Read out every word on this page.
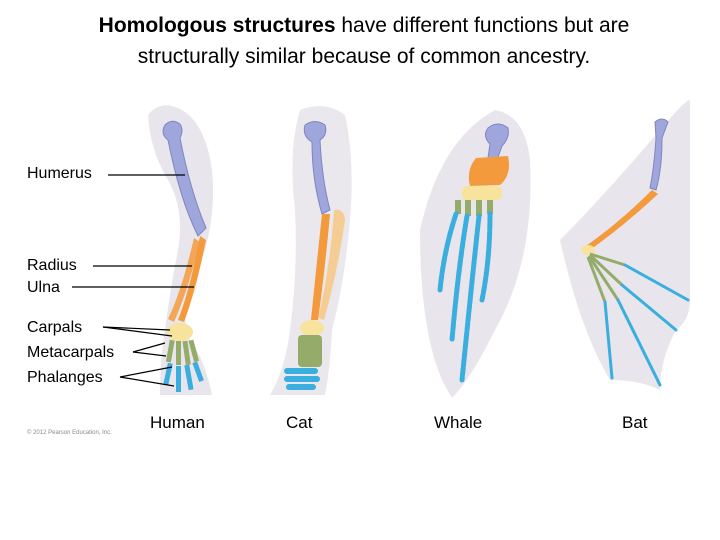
Homologous structures have different functions but are
structurally similar because of common ancestry.
Humerus
Radius
Ulna
Carpals
Metacarpals
Phalanges
Human	Cat	Whale	Bat
© 2012 Pearson Education, Inc.
